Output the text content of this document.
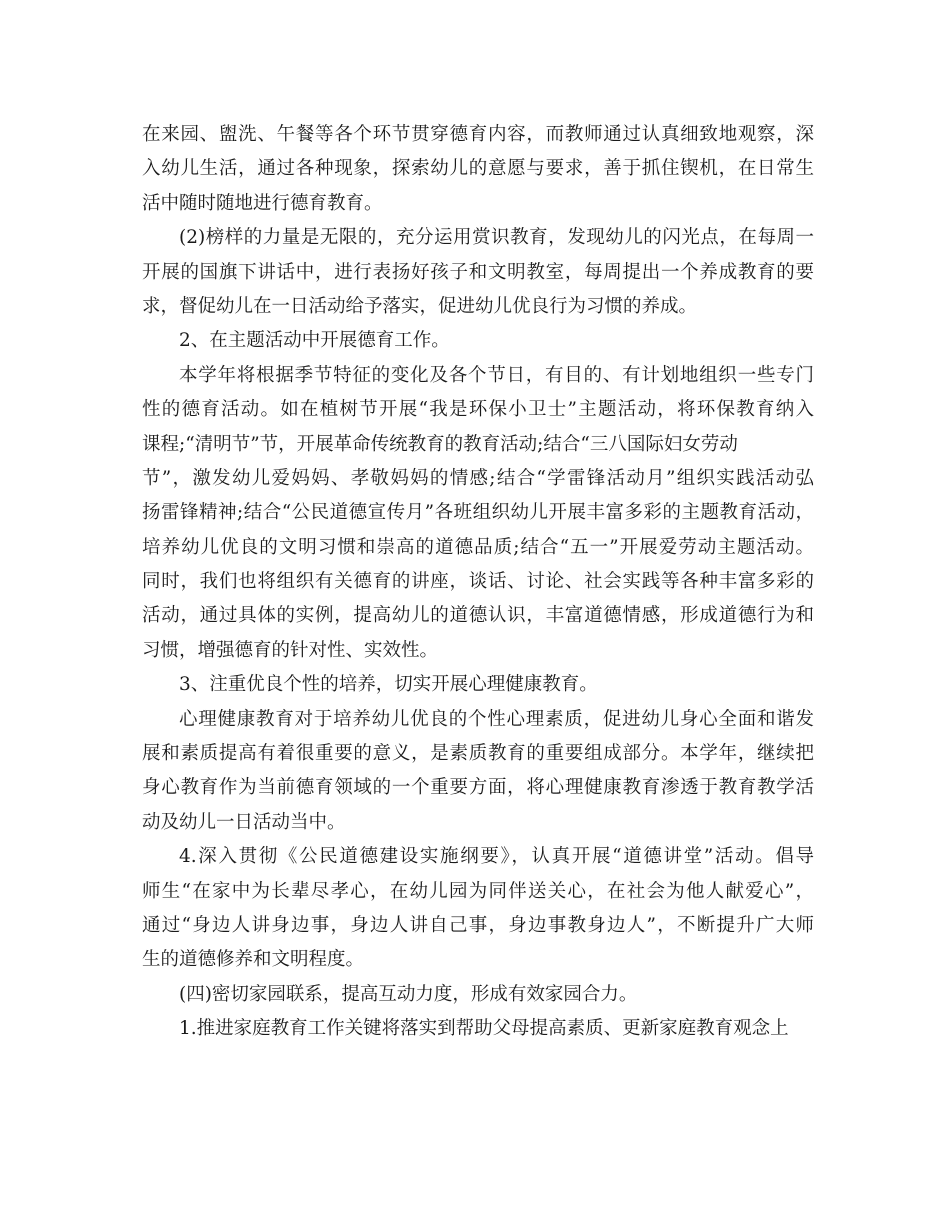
在来园、盥洗、午餐等各个环节贯穿德育内容，而教师通过认真细致地观察，深
入幼儿生活，通过各种现象，探索幼儿的意愿与要求，善于抓住锲机，在日常生
活中随时随地进行德育教育。
(2)榜样的力量是无限的，充分运用赏识教育，发现幼儿的闪光点，在每周一
开展的国旗下讲话中，进行表扬好孩子和文明教室，每周提出一个养成教育的要
求，督促幼儿在一日活动给予落实，促进幼儿优良行为习惯的养成。
2、在主题活动中开展德育工作。
本学年将根据季节特征的变化及各个节日，有目的、有计划地组织一些专门
性的德育活动。如在植树节开展“我是环保小卫士”主题活动，将环保教育纳入
课程;“清明节”节，开展革命传统教育的教育活动;结合“三八国际妇女劳动
节”，激发幼儿爱妈妈、孝敬妈妈的情感;结合“学雷锋活动月”组织实践活动弘
扬雷锋精神;结合“公民道德宣传月”各班组织幼儿开展丰富多彩的主题教育活动，
培养幼儿优良的文明习惯和崇高的道德品质;结合“五一”开展爱劳动主题活动。
同时，我们也将组织有关德育的讲座，谈话、讨论、社会实践等各种丰富多彩的
活动，通过具体的实例，提高幼儿的道德认识，丰富道德情感，形成道德行为和
习惯，增强德育的针对性、实效性。
3、注重优良个性的培养，切实开展心理健康教育。
心理健康教育对于培养幼儿优良的个性心理素质，促进幼儿身心全面和谐发
展和素质提高有着很重要的意义，是素质教育的重要组成部分。本学年，继续把
身心教育作为当前德育领域的一个重要方面，将心理健康教育渗透于教育教学活
动及幼儿一日活动当中。
4.深入贯彻《公民道德建设实施纲要》，认真开展“道德讲堂”活动。倡导
师生“在家中为长辈尽孝心，在幼儿园为同伴送关心，在社会为他人献爱心”，
通过“身边人讲身边事，身边人讲自己事，身边事教身边人”，不断提升广大师
生的道德修养和文明程度。
(四)密切家园联系，提高互动力度，形成有效家园合力。
1.推进家庭教育工作关键将落实到帮助父母提高素质、更新家庭教育观念上
